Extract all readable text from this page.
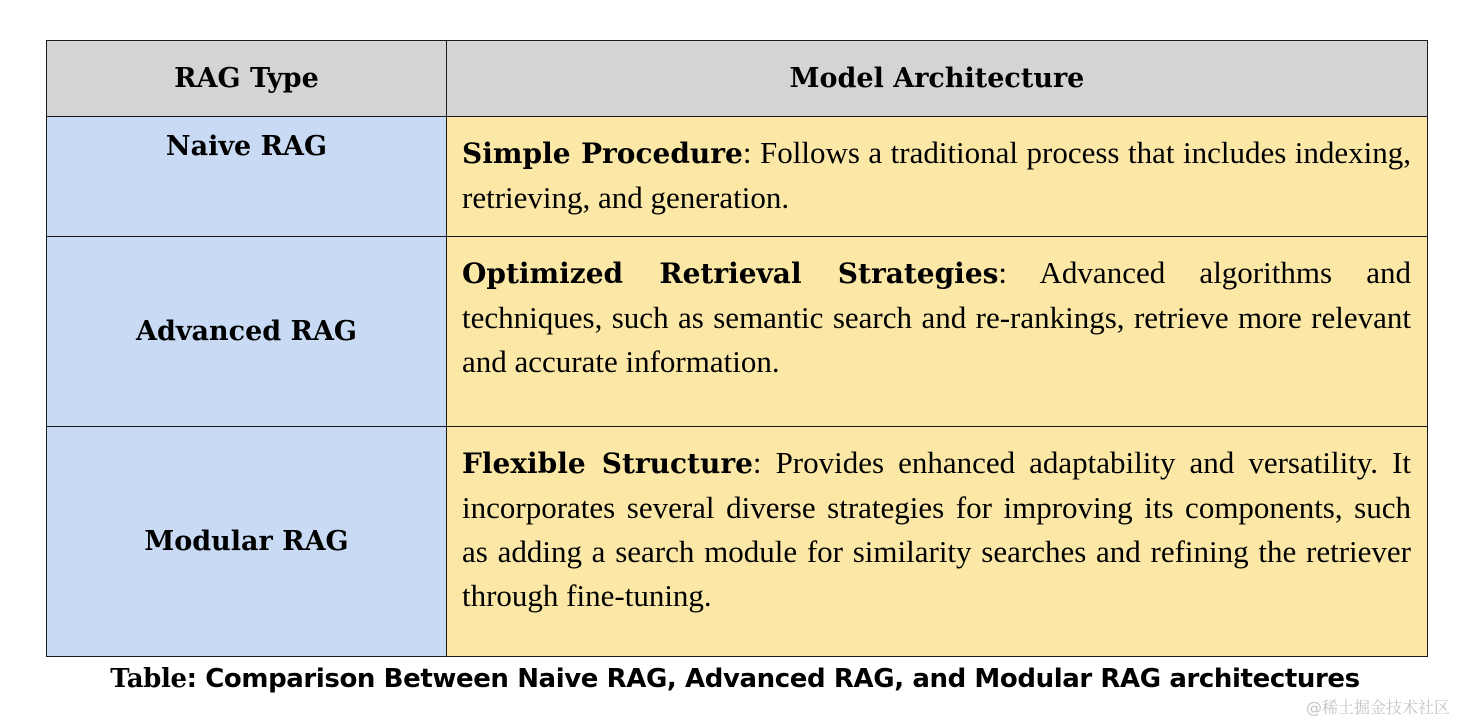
RAG Type	Model Architecture
Naive RAG	Simple Procedure: Follows a traditional process that includes indexing, retrieving, and generation.
Advanced RAG	Optimized Retrieval Strategies: Advanced algorithms and techniques, such as semantic search and re-rankings, retrieve more relevant and accurate information.
Modular RAG	Flexible Structure: Provides enhanced adaptability and versatility. It incorporates several diverse strategies for improving its components, such as adding a search module for similarity searches and refining the retriever through fine-tuning.
Table: Comparison Between Naive RAG, Advanced RAG, and Modular RAG architectures
@稀土掘金技术社区
